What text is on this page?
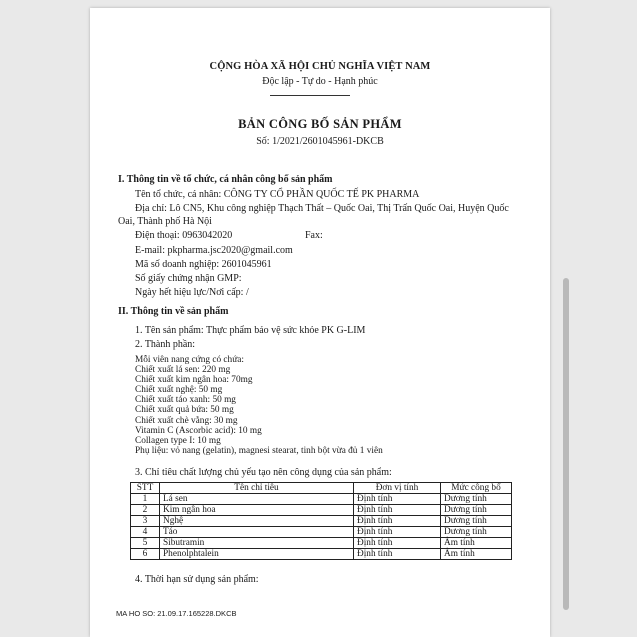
CỘNG HÒA XÃ HỘI CHỦ NGHĨA VIỆT NAM
Độc lập - Tự do - Hạnh phúc
BẢN CÔNG BỐ SẢN PHẨM
Số: 1/2021/2601045961-DKCB
I. Thông tin về tổ chức, cá nhân công bố sản phẩm
Tên tổ chức, cá nhân: CÔNG TY CỔ PHẦN QUỐC TẾ PK PHARMA
Địa chỉ: Lô CN5, Khu công nghiệp Thạch Thất – Quốc Oai, Thị Trấn Quốc Oai, Huyện Quốc
Oai, Thành phố Hà Nội
Điện thoại: 0963042020	Fax:
E-mail: pkpharma.jsc2020@gmail.com
Mã số doanh nghiệp: 2601045961
Số giấy chứng nhận GMP:
Ngày hết hiệu lực/Nơi cấp: /
II. Thông tin về sản phẩm
1. Tên sản phẩm: Thực phẩm bảo vệ sức khỏe PK G-LIM
2. Thành phần:
Mỗi viên nang cứng có chứa:
Chiết xuất lá sen: 220 mg
Chiết xuất kim ngân hoa: 70mg
Chiết xuất nghệ: 50 mg
Chiết xuất táo xanh: 50 mg
Chiết xuất quả bứa: 50 mg
Chiết xuất chè vằng: 30 mg
Vitamin C (Ascorbic acid): 10 mg
Collagen type I: 10 mg
Phụ liệu: vỏ nang (gelatin), magnesi stearat, tinh bột vừa đủ 1 viên
3. Chỉ tiêu chất lượng chủ yếu tạo nên công dụng của sản phẩm:
STT	Tên chỉ tiêu	Đơn vị tính	Mức công bố
1	Lá sen	Định tính	Dương tính
2	Kim ngân hoa	Định tính	Dương tính
3	Nghệ	Định tính	Dương tính
4	Táo	Định tính	Dương tính
5	Sibutramin	Định tính	Âm tính
6	Phenolphtalein	Định tính	Âm tính
4. Thời hạn sử dụng sản phẩm:
MA HO SO: 21.09.17.165228.DKCB
